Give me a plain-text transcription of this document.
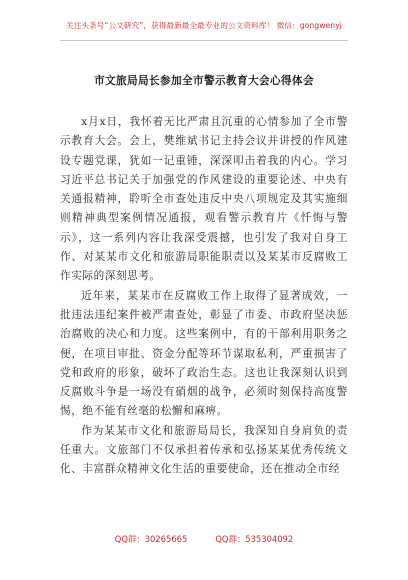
关注头条号“公文研究”，获得最新最全最专业的公文资料库！ 微信：gongwenyj
市文旅局局长参加全市警示教育大会心得体会

x月x日，我怀着无比严肃且沉重的心情参加了全市警示教育大会。会上，樊维斌书记主持会议并讲授的作风建设专题党课，犹如一记重锤，深深叩击着我的内心。学习习近平总书记关于加强党的作风建设的重要论述、中央有关通报精神，聆听全市查处违反中央八项规定及其实施细则精神典型案例情况通报，观看警示教育片《忏悔与警示》，这一系列内容让我深受震撼，也引发了我对自身工作、对某某市文化和旅游局职能职责以及某某市反腐败工作实际的深刻思考。

近年来，某某市在反腐败工作上取得了显著成效，一批违法违纪案件被严肃查处，彰显了市委、市政府坚决惩治腐败的决心和力度。这些案例中，有的干部利用职务之便，在项目审批、资金分配等环节谋取私利，严重损害了党和政府的形象，破坏了政治生态。这也让我深刻认识到反腐败斗争是一场没有硝烟的战争，必须时刻保持高度警惕，绝不能有丝毫的松懈和麻痹。

作为某某市文化和旅游局局长，我深知自身肩负的责任重大。文旅部门不仅承担着传承和弘扬某某优秀传统文化、丰富群众精神文化生活的重要使命，还在推动全市经

QQ群：30265665	QQ群：535304092
